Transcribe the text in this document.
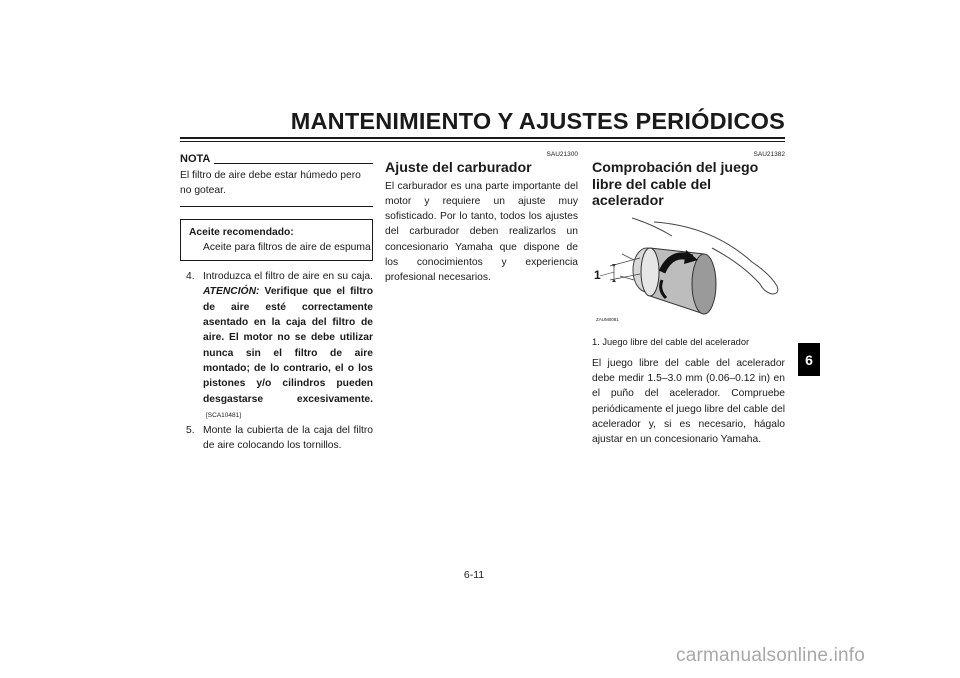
MANTENIMIENTO Y AJUSTES PERIÓDICOS
NOTA
El filtro de aire debe estar húmedo pero no gotear.
Aceite recomendado:
Aceite para filtros de aire de espuma
4. Introduzca el filtro de aire en su caja. ATENCIÓN: Verifique que el filtro de aire esté correctamente asentado en la caja del filtro de aire. El motor no se debe utilizar nunca sin el filtro de aire montado; de lo contrario, el o los pistones y/o cilindros pueden desgastarse excesivamente.[SCA10481]
5. Monte la cubierta de la caja del filtro de aire colocando los tornillos.
SAU21300
Ajuste del carburador
El carburador es una parte importante del motor y requiere un ajuste muy sofisticado. Por lo tanto, todos los ajustes del carburador deben realizarlos un concesionario Yamaha que dispone de los conocimientos y experiencia profesional necesarios.
SAU21382
Comprobación del juego libre del cable del acelerador
1
ZAUM0081
1. Juego libre del cable del acelerador
El juego libre del cable del acelerador debe medir 1.5–3.0 mm (0.06–0.12 in) en el puño del acelerador. Compruebe periódicamente el juego libre del cable del acelerador y, si es necesario, hágalo ajustar en un concesionario Yamaha.
6
6-11
carmanualsonline.info
